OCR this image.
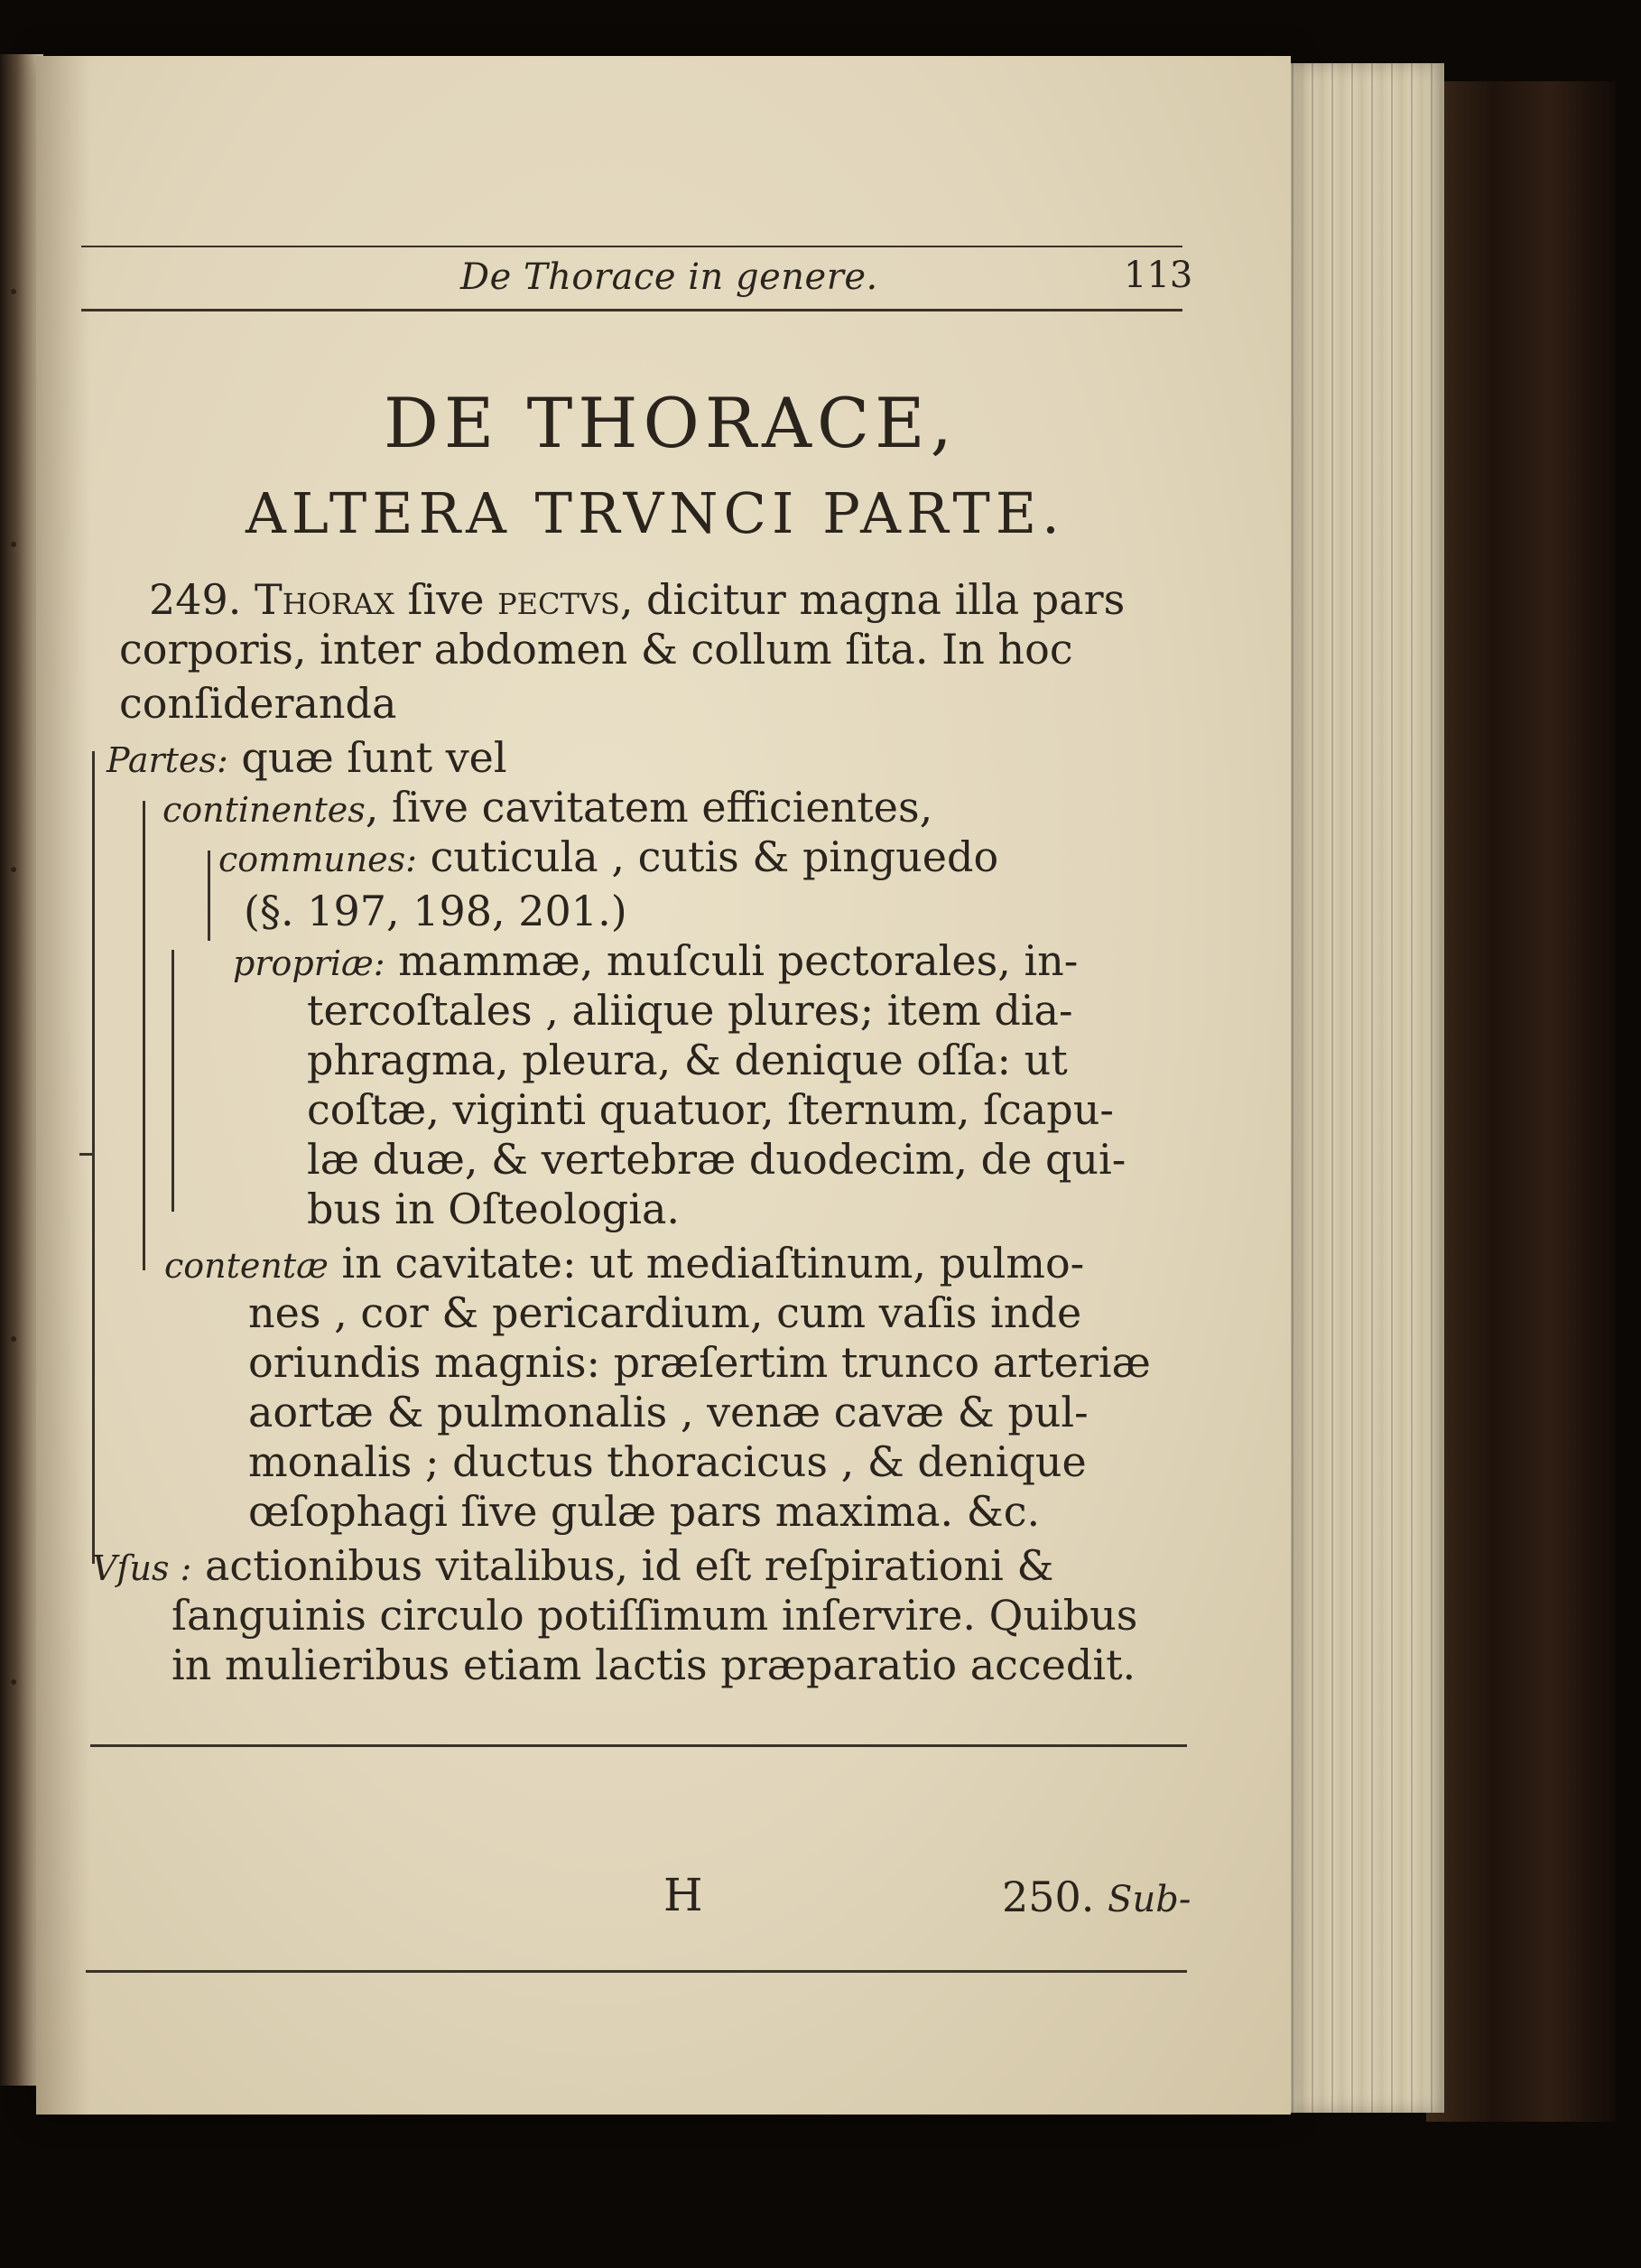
De Thorace in genere.	113
DE THORACE,
ALTERA TRVNCI PARTE.
249. Thorax ſive pectvs, dicitur magna illa pars
corporis, inter abdomen & collum ſita. In hoc
conſideranda
Partes: quæ ſunt vel
continentes, ſive cavitatem efficientes,
communes: cuticula , cutis & pinguedo
(§. 197, 198, 201.)
propriæ: mammæ, muſculi pectorales, in-
tercoſtales , aliique plures; item dia-
phragma, pleura, & denique oſſa: ut
coſtæ, viginti quatuor, ſternum, ſcapu-
læ duæ, & vertebræ duodecim, de qui-
bus in Oſteologia.
contentæ in cavitate: ut mediaſtinum, pulmo-
nes , cor & pericardium, cum vaſis inde
oriundis magnis: præſertim trunco arteriæ
aortæ & pulmonalis , venæ cavæ & pul-
monalis ; ductus thoracicus , & denique
œſophagi ſive gulæ pars maxima. &c.
Vſus : actionibus vitalibus, id eſt reſpirationi &
ſanguinis circulo potiſſimum inſervire. Quibus
in mulieribus etiam lactis præparatio accedit.
H	250. Sub-
